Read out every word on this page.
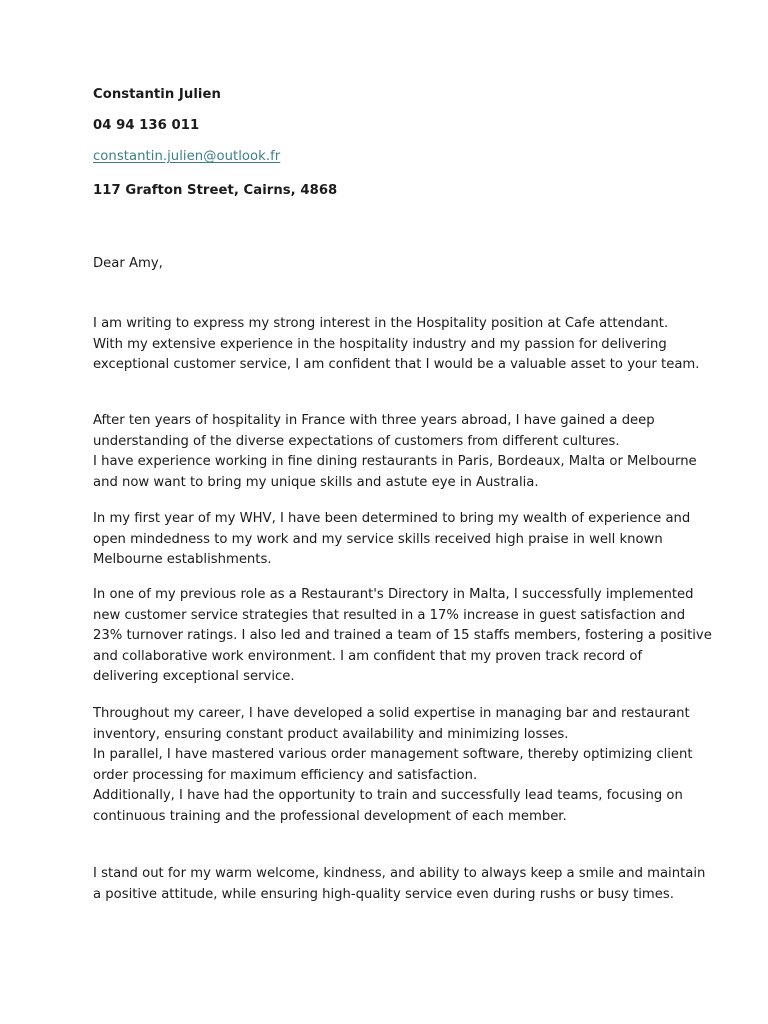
Constantin Julien
04 94 136 011
constantin.julien@outlook.fr
117 Grafton Street, Cairns, 4868
Dear Amy,

I am writing to express my strong interest in the Hospitality position at Cafe attendant.
With my extensive experience in the hospitality industry and my passion for delivering
exceptional customer service, I am confident that I would be a valuable asset to your team.

After ten years of hospitality in France with three years abroad, I have gained a deep
understanding of the diverse expectations of customers from different cultures.
I have experience working in fine dining restaurants in Paris, Bordeaux, Malta or Melbourne
and now want to bring my unique skills and astute eye in Australia.

In my first year of my WHV, I have been determined to bring my wealth of experience and
open mindedness to my work and my service skills received high praise in well known
Melbourne establishments.

In one of my previous role as a Restaurant's Directory in Malta, I successfully implemented
new customer service strategies that resulted in a 17% increase in guest satisfaction and
23% turnover ratings. I also led and trained a team of 15 staffs members, fostering a positive
and collaborative work environment. I am confident that my proven track record of
delivering exceptional service.

Throughout my career, I have developed a solid expertise in managing bar and restaurant
inventory, ensuring constant product availability and minimizing losses.
In parallel, I have mastered various order management software, thereby optimizing client
order processing for maximum efficiency and satisfaction.
Additionally, I have had the opportunity to train and successfully lead teams, focusing on
continuous training and the professional development of each member.

I stand out for my warm welcome, kindness, and ability to always keep a smile and maintain
a positive attitude, while ensuring high-quality service even during rushs or busy times.
